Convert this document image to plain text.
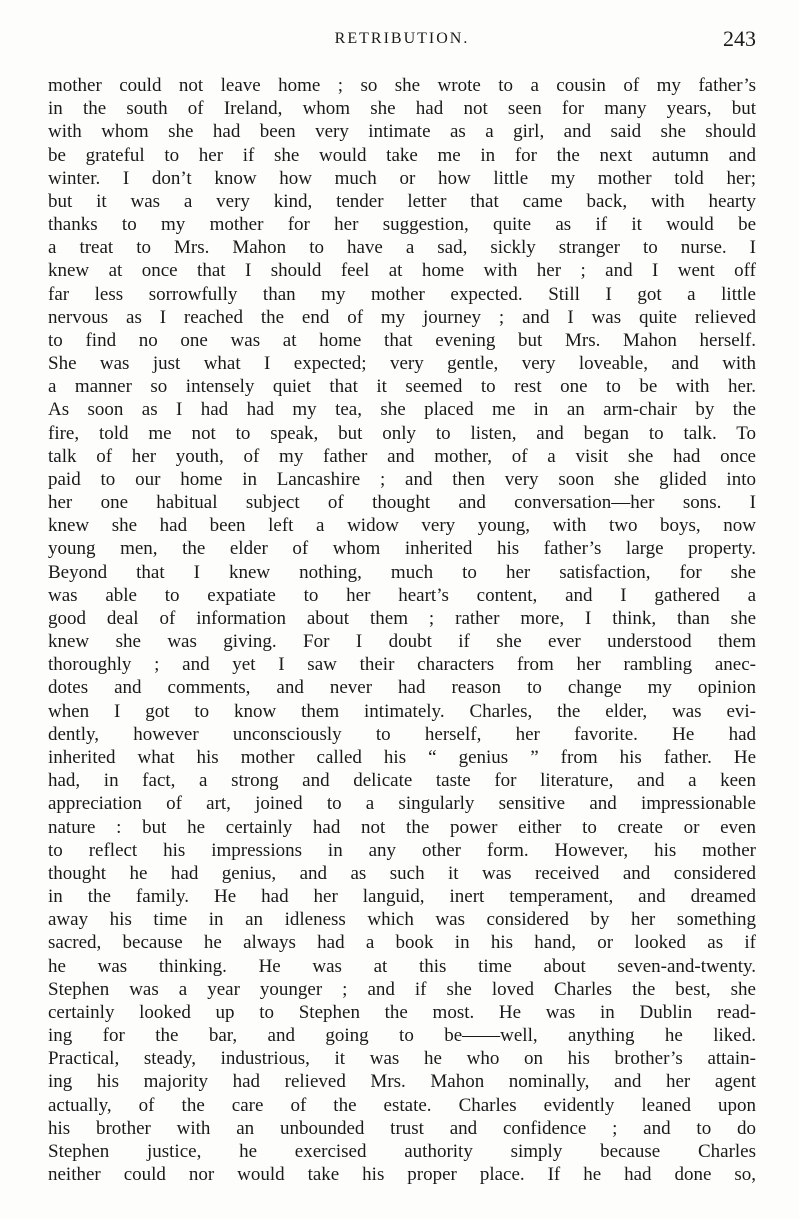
RETRIBUTION.	243
mother could not leave home ; so she wrote to a cousin of my father’s
in the south of Ireland, whom she had not seen for many years, but
with whom she had been very intimate as a girl, and said she should
be grateful to her if she would take me in for the next autumn and
winter. I don’t know how much or how little my mother told her;
but it was a very kind, tender letter that came back, with hearty
thanks to my mother for her suggestion, quite as if it would be
a treat to Mrs. Mahon to have a sad, sickly stranger to nurse. I
knew at once that I should feel at home with her ; and I went off
far less sorrowfully than my mother expected. Still I got a little
nervous as I reached the end of my journey ; and I was quite relieved
to find no one was at home that evening but Mrs. Mahon herself.
She was just what I expected; very gentle, very loveable, and with
a manner so intensely quiet that it seemed to rest one to be with her.
As soon as I had had my tea, she placed me in an arm-chair by the
fire, told me not to speak, but only to listen, and began to talk. To
talk of her youth, of my father and mother, of a visit she had once
paid to our home in Lancashire ; and then very soon she glided into
her one habitual subject of thought and conversation—her sons. I
knew she had been left a widow very young, with two boys, now
young men, the elder of whom inherited his father’s large property.
Beyond that I knew nothing, much to her satisfaction, for she
was able to expatiate to her heart’s content, and I gathered a
good deal of information about them ; rather more, I think, than she
knew she was giving. For I doubt if she ever understood them
thoroughly ; and yet I saw their characters from her rambling anec-
dotes and comments, and never had reason to change my opinion
when I got to know them intimately. Charles, the elder, was evi-
dently, however unconsciously to herself, her favorite. He had
inherited what his mother called his “ genius ” from his father. He
had, in fact, a strong and delicate taste for literature, and a keen
appreciation of art, joined to a singularly sensitive and impressionable
nature : but he certainly had not the power either to create or even
to reflect his impressions in any other form. However, his mother
thought he had genius, and as such it was received and considered
in the family. He had her languid, inert temperament, and dreamed
away his time in an idleness which was considered by her something
sacred, because he always had a book in his hand, or looked as if
he was thinking. He was at this time about seven-and-twenty.
Stephen was a year younger ; and if she loved Charles the best, she
certainly looked up to Stephen the most. He was in Dublin read-
ing for the bar, and going to be——well, anything he liked.
Practical, steady, industrious, it was he who on his brother’s attain-
ing his majority had relieved Mrs. Mahon nominally, and her agent
actually, of the care of the estate. Charles evidently leaned upon
his brother with an unbounded trust and confidence ; and to do
Stephen justice, he exercised authority simply because Charles
neither could nor would take his proper place. If he had done so,
